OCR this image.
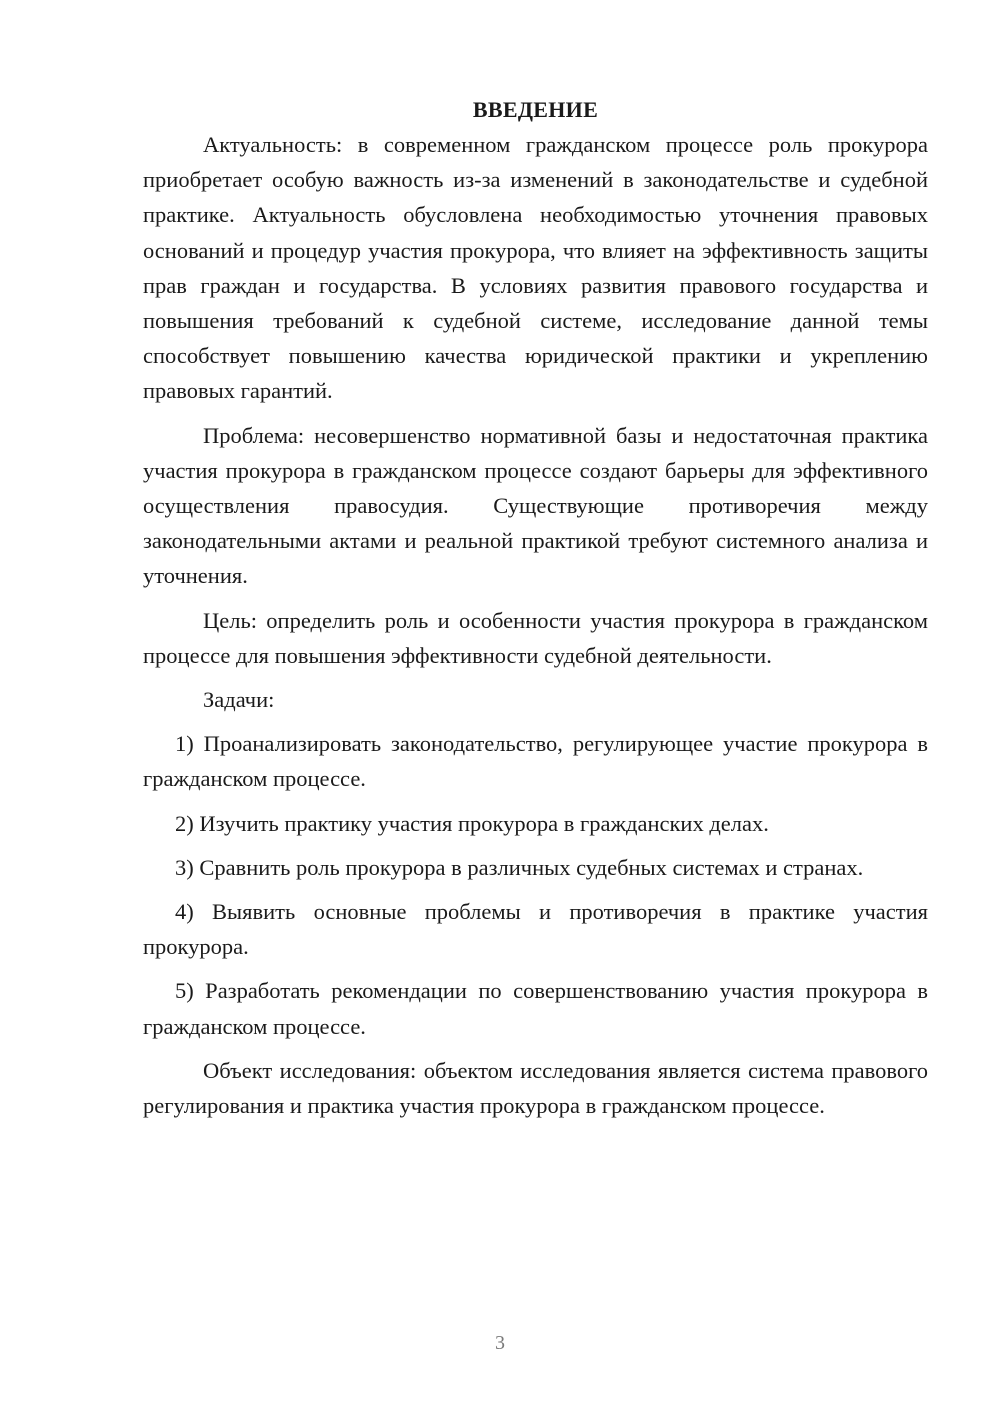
ВВЕДЕНИЕ

Актуальность: в современном гражданском процессе роль прокурора приобретает особую важность из-за изменений в законодательстве и судебной практике. Актуальность обусловлена необходимостью уточнения правовых оснований и процедур участия прокурора, что влияет на эффективность защиты прав граждан и государства. В условиях развития правового государства и повышения требований к судебной системе, исследование данной темы способствует повышению качества юридической практики и укреплению правовых гарантий.

Проблема: несовершенство нормативной базы и недостаточная практика участия прокурора в гражданском процессе создают барьеры для эффективного осуществления правосудия. Существующие противоречия между законодательными актами и реальной практикой требуют системного анализа и уточнения.

Цель: определить роль и особенности участия прокурора в гражданском процессе для повышения эффективности судебной деятельности.

Задачи:

1) Проанализировать законодательство, регулирующее участие прокурора в гражданском процессе.

2) Изучить практику участия прокурора в гражданских делах.

3) Сравнить роль прокурора в различных судебных системах и странах.

4) Выявить основные проблемы и противоречия в практике участия прокурора.

5) Разработать рекомендации по совершенствованию участия прокурора в гражданском процессе.

Объект исследования: объектом исследования является система правового регулирования и практика участия прокурора в гражданском процессе.

3
